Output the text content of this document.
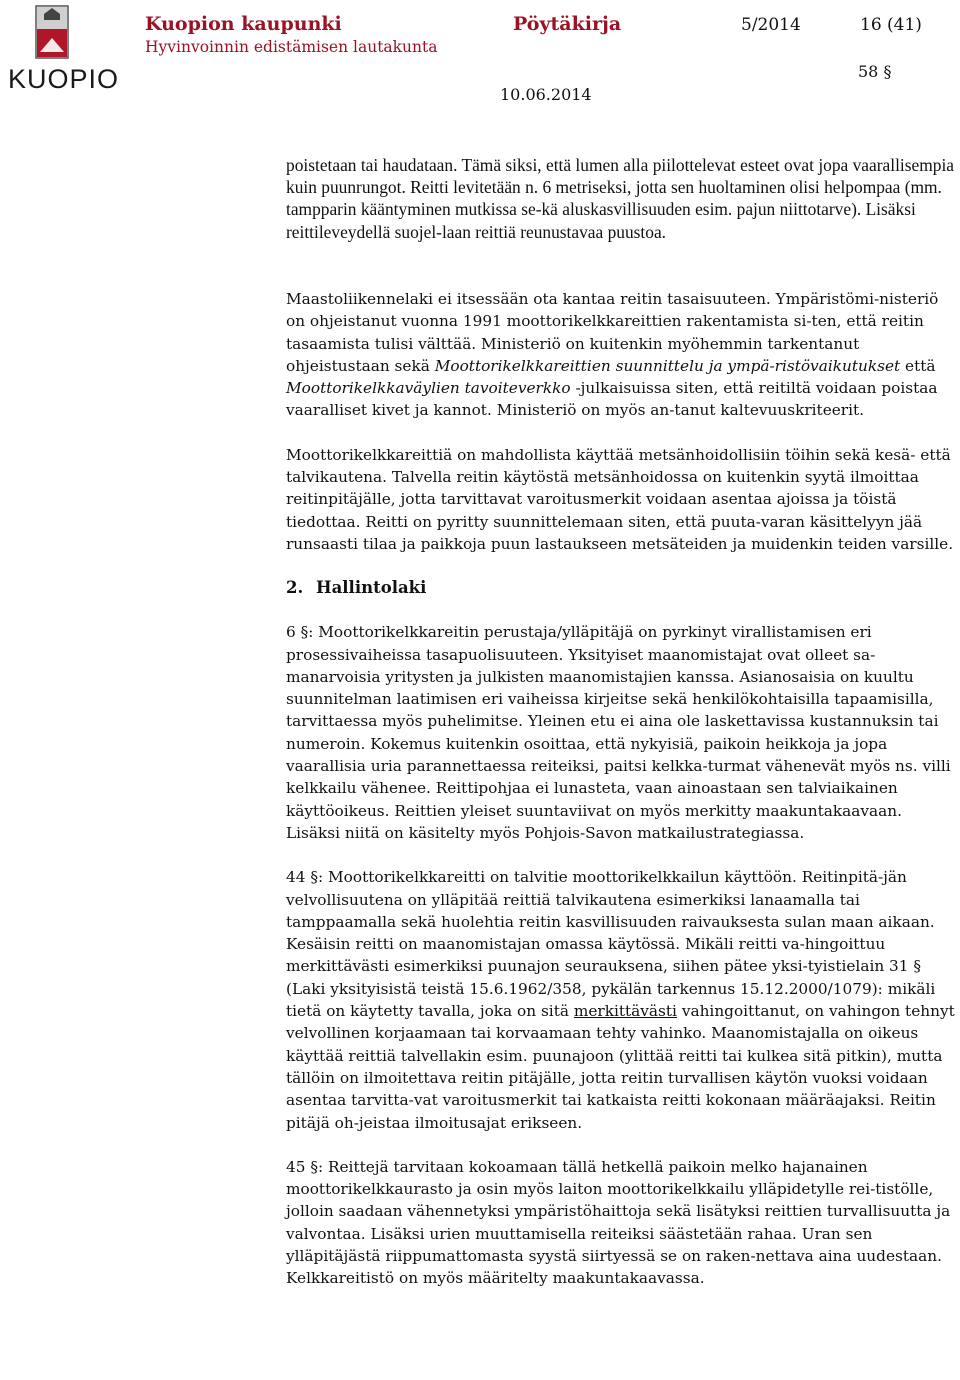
KUOPIO
Kuopion kaupunki
Hyvinvoinnin edistämisen lautakunta
Pöytäkirja	5/2014	16 (41)
10.06.2014
58 §

poistetaan tai haudataan. Tämä siksi, että lumen alla piilottelevat esteet ovat jopa vaarallisempia kuin puunrungot. Reitti levitetään n. 6 metriseksi, jotta sen huoltaminen olisi helpompaa (mm. tampparin kääntyminen mutkissa se-kä aluskasvillisuuden esim. pajun niittotarve). Lisäksi reittileveydellä suojel-laan reittiä reunustavaa puustoa.

Maastoliikennelaki ei itsessään ota kantaa reitin tasaisuuteen. Ympäristömi-nisteriö on ohjeistanut vuonna 1991 moottorikelkkareittien rakentamista si-ten, että reitin tasaamista tulisi välttää. Ministeriö on kuitenkin myöhemmin tarkentanut ohjeistustaan sekä Moottorikelkkareittien suunnittelu ja ympä-ristövaikutukset että Moottorikelkkaväylien tavoiteverkko -julkaisuissa siten, että reitiltä voidaan poistaa vaaralliset kivet ja kannot. Ministeriö on myös an-tanut kaltevuuskriteerit.

Moottorikelkkareittiä on mahdollista käyttää metsänhoidollisiin töihin sekä kesä- että talvikautena. Talvella reitin käytöstä metsänhoidossa on kuitenkin syytä ilmoittaa reitinpitäjälle, jotta tarvittavat varoitusmerkit voidaan asentaa ajoissa ja töistä tiedottaa. Reitti on pyritty suunnittelemaan siten, että puuta-varan käsittelyyn jää runsaasti tilaa ja paikkoja puun lastaukseen metsäteiden ja muidenkin teiden varsille.

2. Hallintolaki

6 §: Moottorikelkkareitin perustaja/ylläpitäjä on pyrkinyt virallistamisen eri prosessivaiheissa tasapuolisuuteen. Yksityiset maanomistajat ovat olleet sa-manarvoisia yritysten ja julkisten maanomistajien kanssa. Asianosaisia on kuultu suunnitelman laatimisen eri vaiheissa kirjeitse sekä henkilökohtaisilla tapaamisilla, tarvittaessa myös puhelimitse. Yleinen etu ei aina ole laskettavissa kustannuksin tai numeroin. Kokemus kuitenkin osoittaa, että nykyisiä, paikoin heikkoja ja jopa vaarallisia uria parannettaessa reiteiksi, paitsi kelkka-turmat vähenevät myös ns. villi kelkkailu vähenee. Reittipohjaa ei lunasteta, vaan ainoastaan sen talviaikainen käyttöoikeus. Reittien yleiset suuntaviivat on myös merkitty maakuntakaavaan. Lisäksi niitä on käsitelty myös Pohjois-Savon matkailustrategiassa.

44 §: Moottorikelkkareitti on talvitie moottorikelkkailun käyttöön. Reitinpitä-jän velvollisuutena on ylläpitää reittiä talvikautena esimerkiksi lanaamalla tai tamppaamalla sekä huolehtia reitin kasvillisuuden raivauksesta sulan maan aikaan. Kesäisin reitti on maanomistajan omassa käytössä. Mikäli reitti va-hingoittuu merkittävästi esimerkiksi puunajon seurauksena, siihen pätee yksi-tyistielain 31 § (Laki yksityisistä teistä 15.6.1962/358, pykälän tarkennus 15.12.2000/1079): mikäli tietä on käytetty tavalla, joka on sitä merkittävästi vahingoittanut, on vahingon tehnyt velvollinen korjaamaan tai korvaamaan tehty vahinko. Maanomistajalla on oikeus käyttää reittiä talvellakin esim. puunajoon (ylittää reitti tai kulkea sitä pitkin), mutta tällöin on ilmoitettava reitin pitäjälle, jotta reitin turvallisen käytön vuoksi voidaan asentaa tarvitta-vat varoitusmerkit tai katkaista reitti kokonaan määräajaksi. Reitin pitäjä oh-jeistaa ilmoitusajat erikseen.

45 §: Reittejä tarvitaan kokoamaan tällä hetkellä paikoin melko hajanainen moottorikelkkaurasto ja osin myös laiton moottorikelkkailu ylläpidetylle rei-tistölle, jolloin saadaan vähennetyksi ympäristöhaittoja sekä lisätyksi reittien turvallisuutta ja valvontaa. Lisäksi urien muuttamisella reiteiksi säästetään rahaa. Uran sen ylläpitäjästä riippumattomasta syystä siirtyessä se on raken-nettava aina uudestaan. Kelkkareitistö on myös määritelty maakuntakaavassa.
